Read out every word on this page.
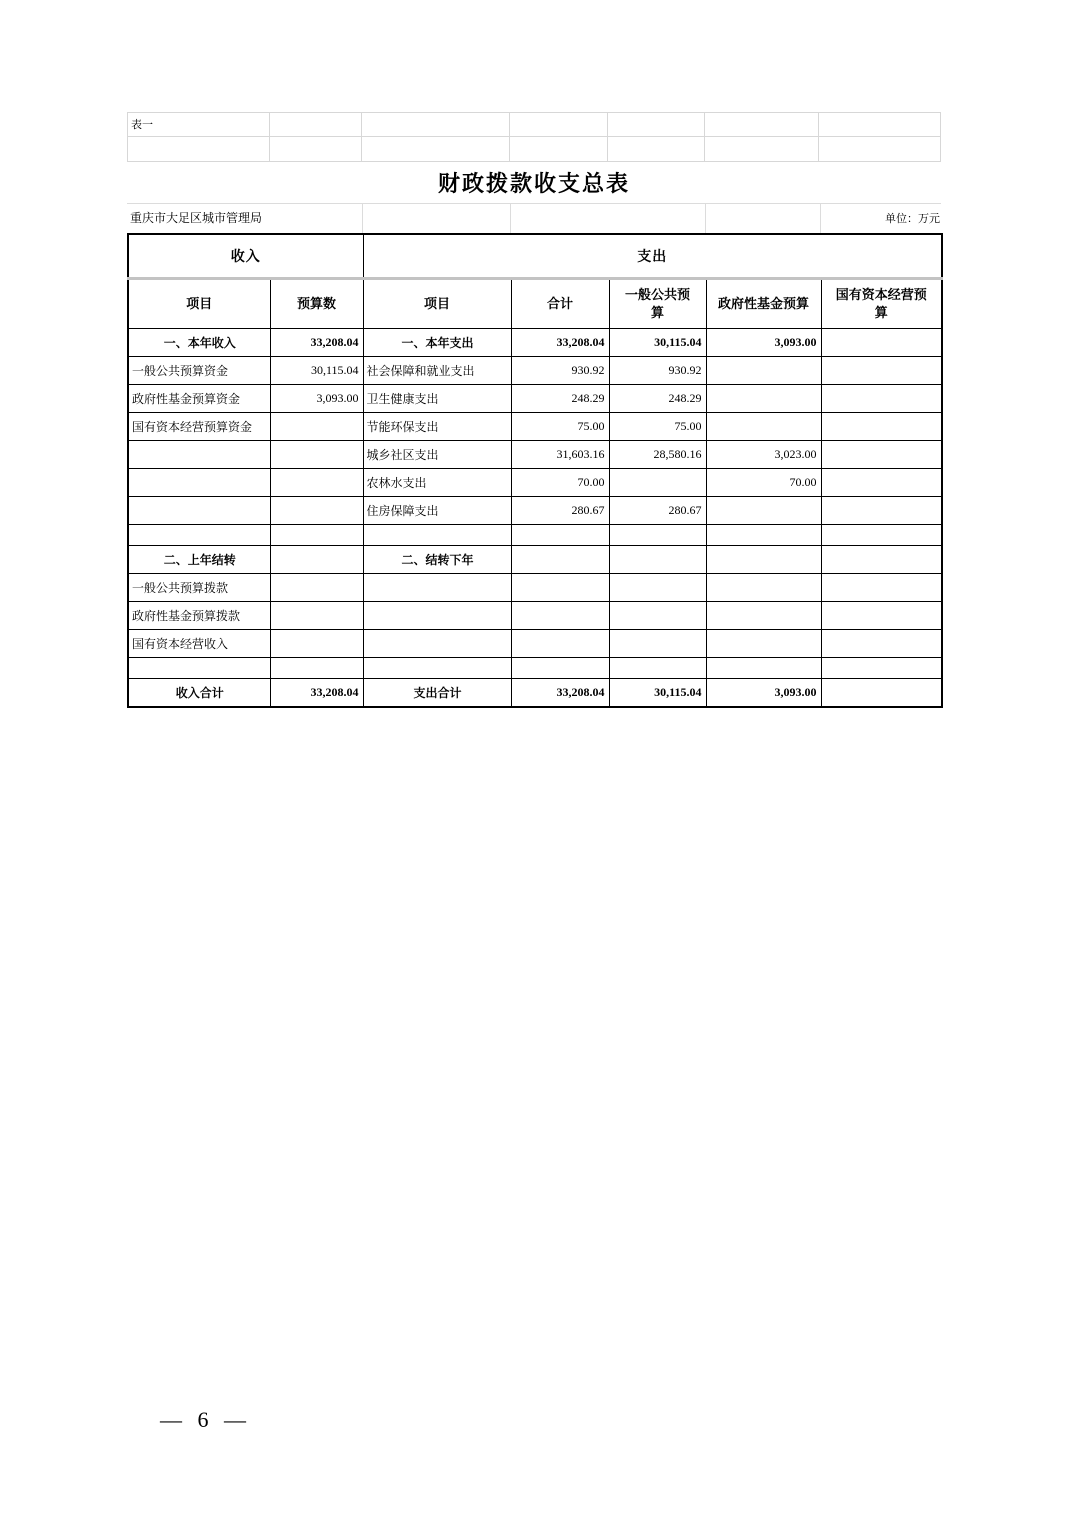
表一
财政拨款收支总表
重庆市大足区城市管理局	单位：万元
收入		支出				
项目	预算数	项目	合计	一般公共预算	政府性基金预算	国有资本经营预算
一、本年收入	33,208.04	一、本年支出	33,208.04	30,115.04	3,093.00	
一般公共预算资金	30,115.04	社会保障和就业支出	930.92	930.92		
政府性基金预算资金	3,093.00	卫生健康支出	248.29	248.29		
国有资本经营预算资金		节能环保支出	75.00	75.00		
		城乡社区支出	31,603.16	28,580.16	3,023.00	
		农林水支出	70.00		70.00	
		住房保障支出	280.67	280.67		

二、上年结转		二、结转下年				
一般公共预算拨款						
政府性基金预算拨款						
国有资本经营收入						

收入合计	33,208.04	支出合计	33,208.04	30,115.04	3,093.00	
— 6 —
